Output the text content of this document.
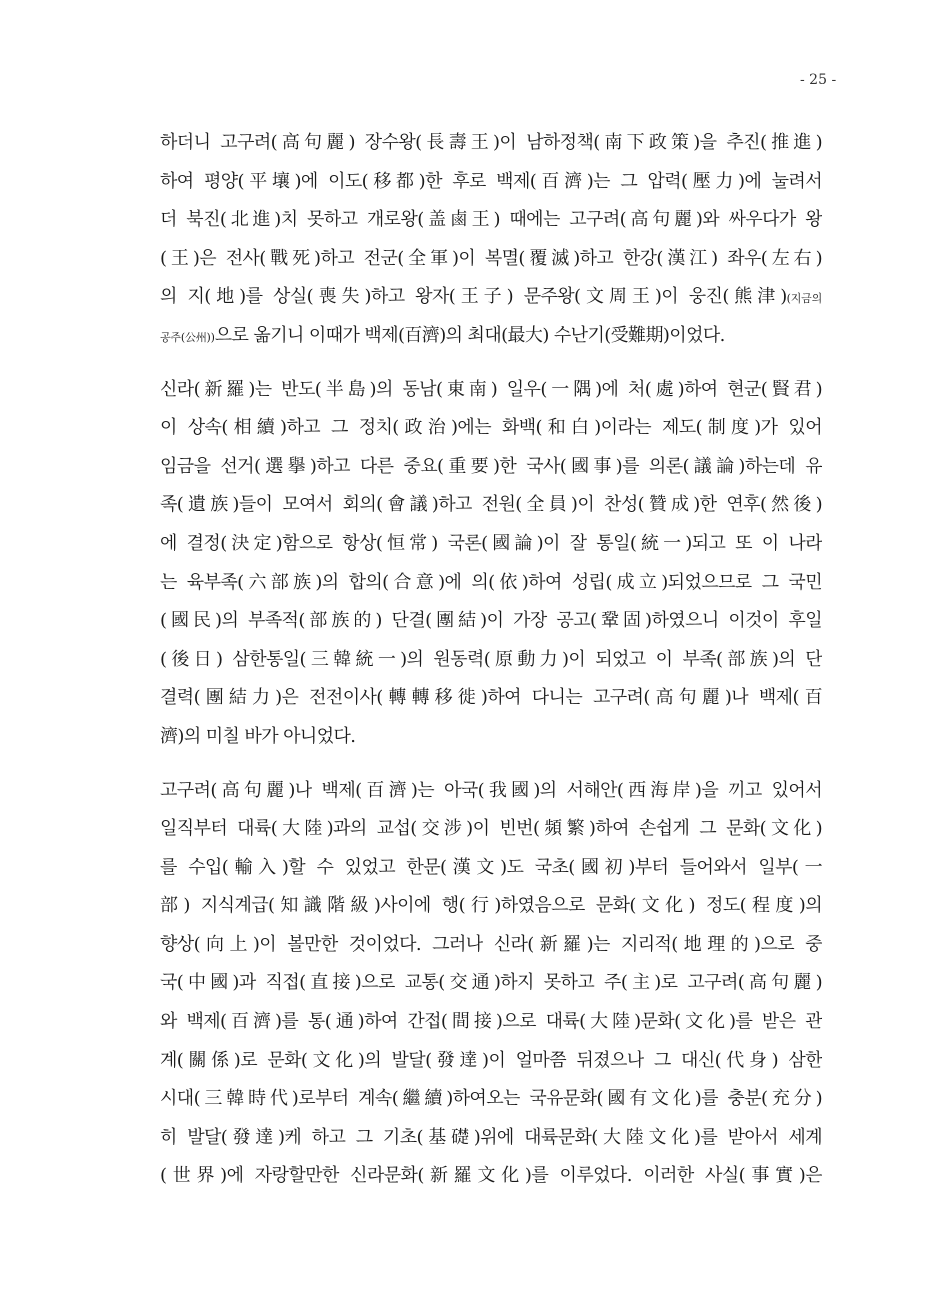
- 25 -
하더니 고구려(高句麗) 장수왕(長壽王)이 남하정책(南下政策)을 추진(推進)
하여 평양(平壤)에 이도(移都)한 후로 백제(百濟)는 그 압력(壓力)에 눌려서
더 북진(北進)치 못하고 개로왕(盖鹵王) 때에는 고구려(高句麗)와 싸우다가 왕
(王)은 전사(戰死)하고 전군(全軍)이 복멸(覆滅)하고 한강(漢江) 좌우(左右)
의 지(地)를 상실(喪失)하고 왕자(王子) 문주왕(文周王)이 웅진(熊津)(지금의
공주(公州))으로 옮기니 이때가 백제(百濟)의 최대(最大) 수난기(受難期)이었다.
신라(新羅)는 반도(半島)의 동남(東南) 일우(一隅)에 처(處)하여 현군(賢君)
이 상속(相續)하고 그 정치(政治)에는 화백(和白)이라는 제도(制度)가 있어
임금을 선거(選擧)하고 다른 중요(重要)한 국사(國事)를 의론(議論)하는데 유
족(遺族)들이 모여서 회의(會議)하고 전원(全員)이 찬성(贊成)한 연후(然後)
에 결정(決定)함으로 항상(恒常) 국론(國論)이 잘 통일(統一)되고 또 이 나라
는 육부족(六部族)의 합의(合意)에 의(依)하여 성립(成立)되었으므로 그 국민
(國民)의 부족적(部族的) 단결(團結)이 가장 공고(鞏固)하였으니 이것이 후일
(後日) 삼한통일(三韓統一)의 원동력(原動力)이 되었고 이 부족(部族)의 단
결력(團結力)은 전전이사(轉轉移徙)하여 다니는 고구려(高句麗)나 백제(百
濟)의 미칠 바가 아니었다.
고구려(高句麗)나 백제(百濟)는 아국(我國)의 서해안(西海岸)을 끼고 있어서
일직부터 대륙(大陸)과의 교섭(交涉)이 빈번(頻繁)하여 손쉽게 그 문화(文化)
를 수입(輸入)할 수 있었고 한문(漢文)도 국초(國初)부터 들어와서 일부(一
部) 지식계급(知識階級)사이에 행(行)하였음으로 문화(文化) 정도(程度)의
향상(向上)이 볼만한 것이었다. 그러나 신라(新羅)는 지리적(地理的)으로 중
국(中國)과 직접(直接)으로 교통(交通)하지 못하고 주(主)로 고구려(高句麗)
와 백제(百濟)를 통(通)하여 간접(間接)으로 대륙(大陸)문화(文化)를 받은 관
계(關係)로 문화(文化)의 발달(發達)이 얼마쯤 뒤졌으나 그 대신(代身) 삼한
시대(三韓時代)로부터 계속(繼續)하여오는 국유문화(國有文化)를 충분(充分)
히 발달(發達)케 하고 그 기초(基礎)위에 대륙문화(大陸文化)를 받아서 세계
(世界)에 자랑할만한 신라문화(新羅文化)를 이루었다. 이러한 사실(事實)은
